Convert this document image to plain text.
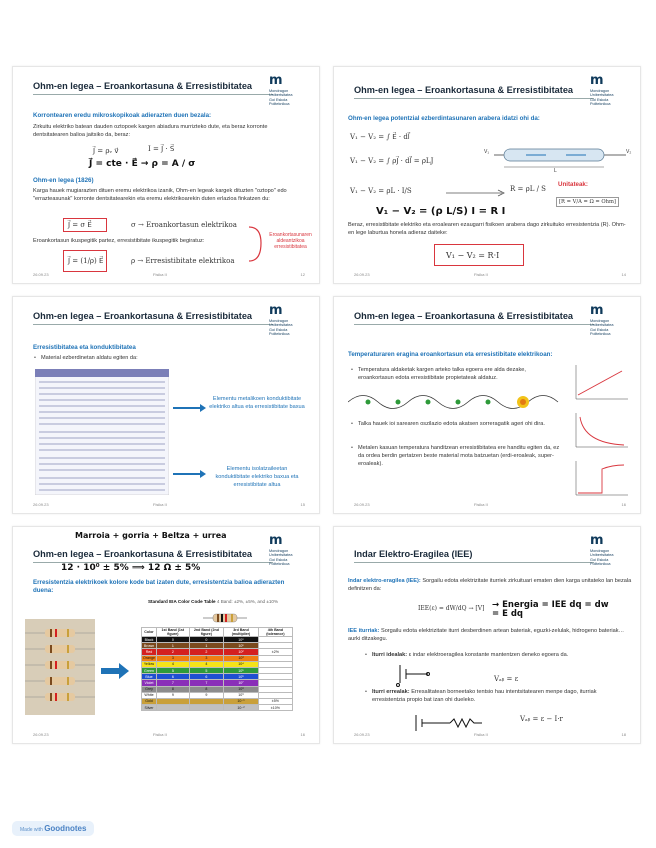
Ohm-en legea – Eroankortasuna & Erresistibitatea	m
Mondragon
Unibertsitatea
Goi Eskola
Politeknikoa
Korrontearen eredu mikroskopikoak adierazten duen bezala:
Zirkuitu elektriko batean dauden oztopoek kargen abiadura murrizteko dute, eta beraz korronte dentsitatearen balioa jaitsiko da, beraz:
J⃗ = ρᵥ v⃗	I = J⃗ · S⃗
J⃗ = cte · E⃗ → ρ = A / σ
Ohm-en legea (1826)
Karga hauek mugiarazten dituen eremu elektrikoa izanik, Ohm-en legeak kargek dituzten "oztopo" edo "errazteasunak" korronte dentsitatearekin eta eremu elektrikoarekin duten erlazioa finkatzen du:
J⃗ = σ E⃗	σ → Eroankortasun elektrikoa
Eroankortasun ikuspegitik partez, erresistibitate ikuspegitik begiratuz:
J⃗ = (1/ρ) E⃗	ρ → Erresistibitate elektrikoa
Eroankortasunaren aldeantzikoa erresistibitatea
26.09.23	Fisika II	12
Ohm-en legea – Eroankortasuna & Erresistibitatea
m
Mondragon
Unibertsitatea
Goi Eskola
Politeknikoa
Ohm-en legea potentzial ezberdintasunaren arabera idatzi ohi da:
V₁ − V₂ = ∫ E⃗ · dl⃗
V₁ − V₂ = ∫ ρJ⃗ · dl⃗ = ρLJ
V₁ − V₂ = ρL · I/S	R = ρL / S
V₁	V₂
L
Unitateak:
[R = V/A = Ω = Ohm]
V₁ − V₂ = (ρ L/S) I = R I
Beraz, erresistibitate elektriko eta eroalearen ezaugarri fisikoen arabera dago zirkuituko erresistentzia (R). Ohm-en lege laburtua honela adieraz daiteke:
V₁ − V₂ = R·I
26.09.23	Fisika II	14
Ohm-en legea – Eroankortasuna & Erresistibitatea	m
Mondragon
Unibertsitatea
Goi Eskola
Politeknikoa
Erresistibitatea eta konduktibitatea
• Material ezberdinetan aldatu egiten da:
Elementu metalikoen konduktibitate elektriko altua eta erresistibitate baxua
Elementu isolatzaileetan konduktibitate elektriko baxua eta erresistibitate altua
26.09.23	Fisika II	15
Ohm-en legea – Eroankortasuna & Erresistibitatea	m
Mondragon
Unibertsitatea
Goi Eskola
Politeknikoa
Temperaturaren eragina eroankortasun eta erresistibitate elektrikoan:
• Temperatura aldaketak kargen arteko talka egoera ere alda dezake, eroankortasun edota erresistibitate propietateak aldatuz.
• Talka hauek ioi sarearen oszilazio edota akatsen sorreragatik ageri ohi dira.
• Metalen kasuan temperatura handitzean erresistibitatea ere handitu egiten da, ez da ordea berdin gertatzen beste material mota batzuetan (erdi-eroaleak, super-eroaleak).
26.09.23	Fisika II	16
Marroia + gorria + Beltza + urrea
Ohm-en legea – Eroankortasuna & Erresistibitatea
m
Mondragon
Unibertsitatea
Goi Eskola
Politeknikoa
12 · 10⁰ ± 5% ⟹ 12 Ω ± 5%
Erresistentzia elektrikoek kolore kode bat izaten dute, erresistentzia balioa adierazten duena:
Standard EIA Color Code Table 4 Band: ±2%, ±5%, and ±10%
Color	1st Band (1st figure)	2nd Band (2nd figure)	3rd Band (multiplier)	4th Band (tolerance)
Black	0	0	10⁰	
Brown	1	1	10¹	
Red	2	2	10²	±2%
Orange	3	3	10³	
Yellow	4	4	10⁴	
Green	5	5	10⁵	
Blue	6	6	10⁶	
Violet	7	7	10⁷	
Grey	8	8	10⁸	
White	9	9	10⁹	
Gold			10⁻¹	±5%
Silver			10⁻²	±10%
26.09.23	Fisika II	16
Indar Elektro-Eragilea (IEE)
m
Mondragon
Unibertsitatea
Goi Eskola
Politeknikoa
Indar elektro-eragilea (IEE): Sorgailu edota elektrizitate iturriek zirkuituari ematen dien karga unitateko lan bezala definitzen da:
IEE(ε) = dW/dQ → [V] → Energia = IEE dq = dw = E dq
IEE iturriak: Sorgailu edota elektrizitate iturri desberdinen artean bateriak, eguzki-zelulak, hidrogeno bateriak… aurki ditzakegu.
• Iturri idealak: ε indar elektroeragilea konstante mantentzen deneko egoera da.
Vₐᵦ = ε
• Iturri errealak: Erresalitatean borneetako tentsio hau intentsitatearen menpe dago, iturriak erresistentzia propio bat izan ohi dueleko.
Vₐᵦ = ε − I·r
26.09.23	Fisika II	18
Made with Goodnotes
